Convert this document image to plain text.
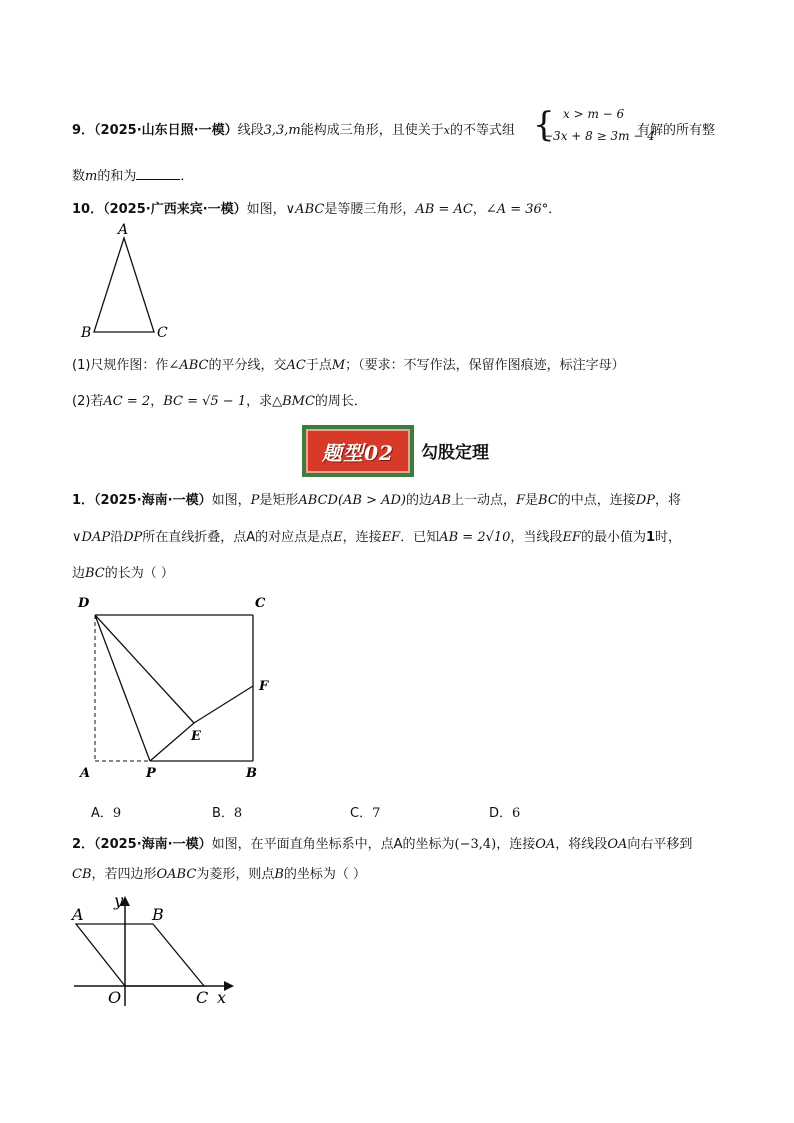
9．（2025·山东日照·一模）线段3,3,m能构成三角形，且使关于x的不等式组 { x > m − 6
−3x + 8 ≥ 3m − 4
有解的所有整
数m的和为	．
10．（2025·广西来宾·一模）如图，∨ABC是等腰三角形，AB = AC，∠A = 36°．
A
B	C
(1)尺规作图：作∠ABC的平分线，交AC于点M；（要求：不写作法，保留作图痕迹，标注字母）
(2)若AC = 2，BC = √5 − 1，求△BMC的周长．
题型02 勾股定理
1．（2025·海南·一模）如图，P是矩形ABCD(AB > AD)的边AB上一动点，F是BC的中点，连接DP，将
∨DAP沿DP所在直线折叠，点A的对应点是点E，连接EF．已知AB = 2√10，当线段EF的最小值为1时，
边BC的长为（ ）
D	C
F
E
A	P	B
A．9	B．8	C．7	D．6
2．（2025·海南·一模）如图，在平面直角坐标系中，点A的坐标为(−3,4)，连接OA，将线段OA向右平移到
CB，若四边形OABC为菱形，则点B的坐标为（ ）
A	B
y
O	C x
